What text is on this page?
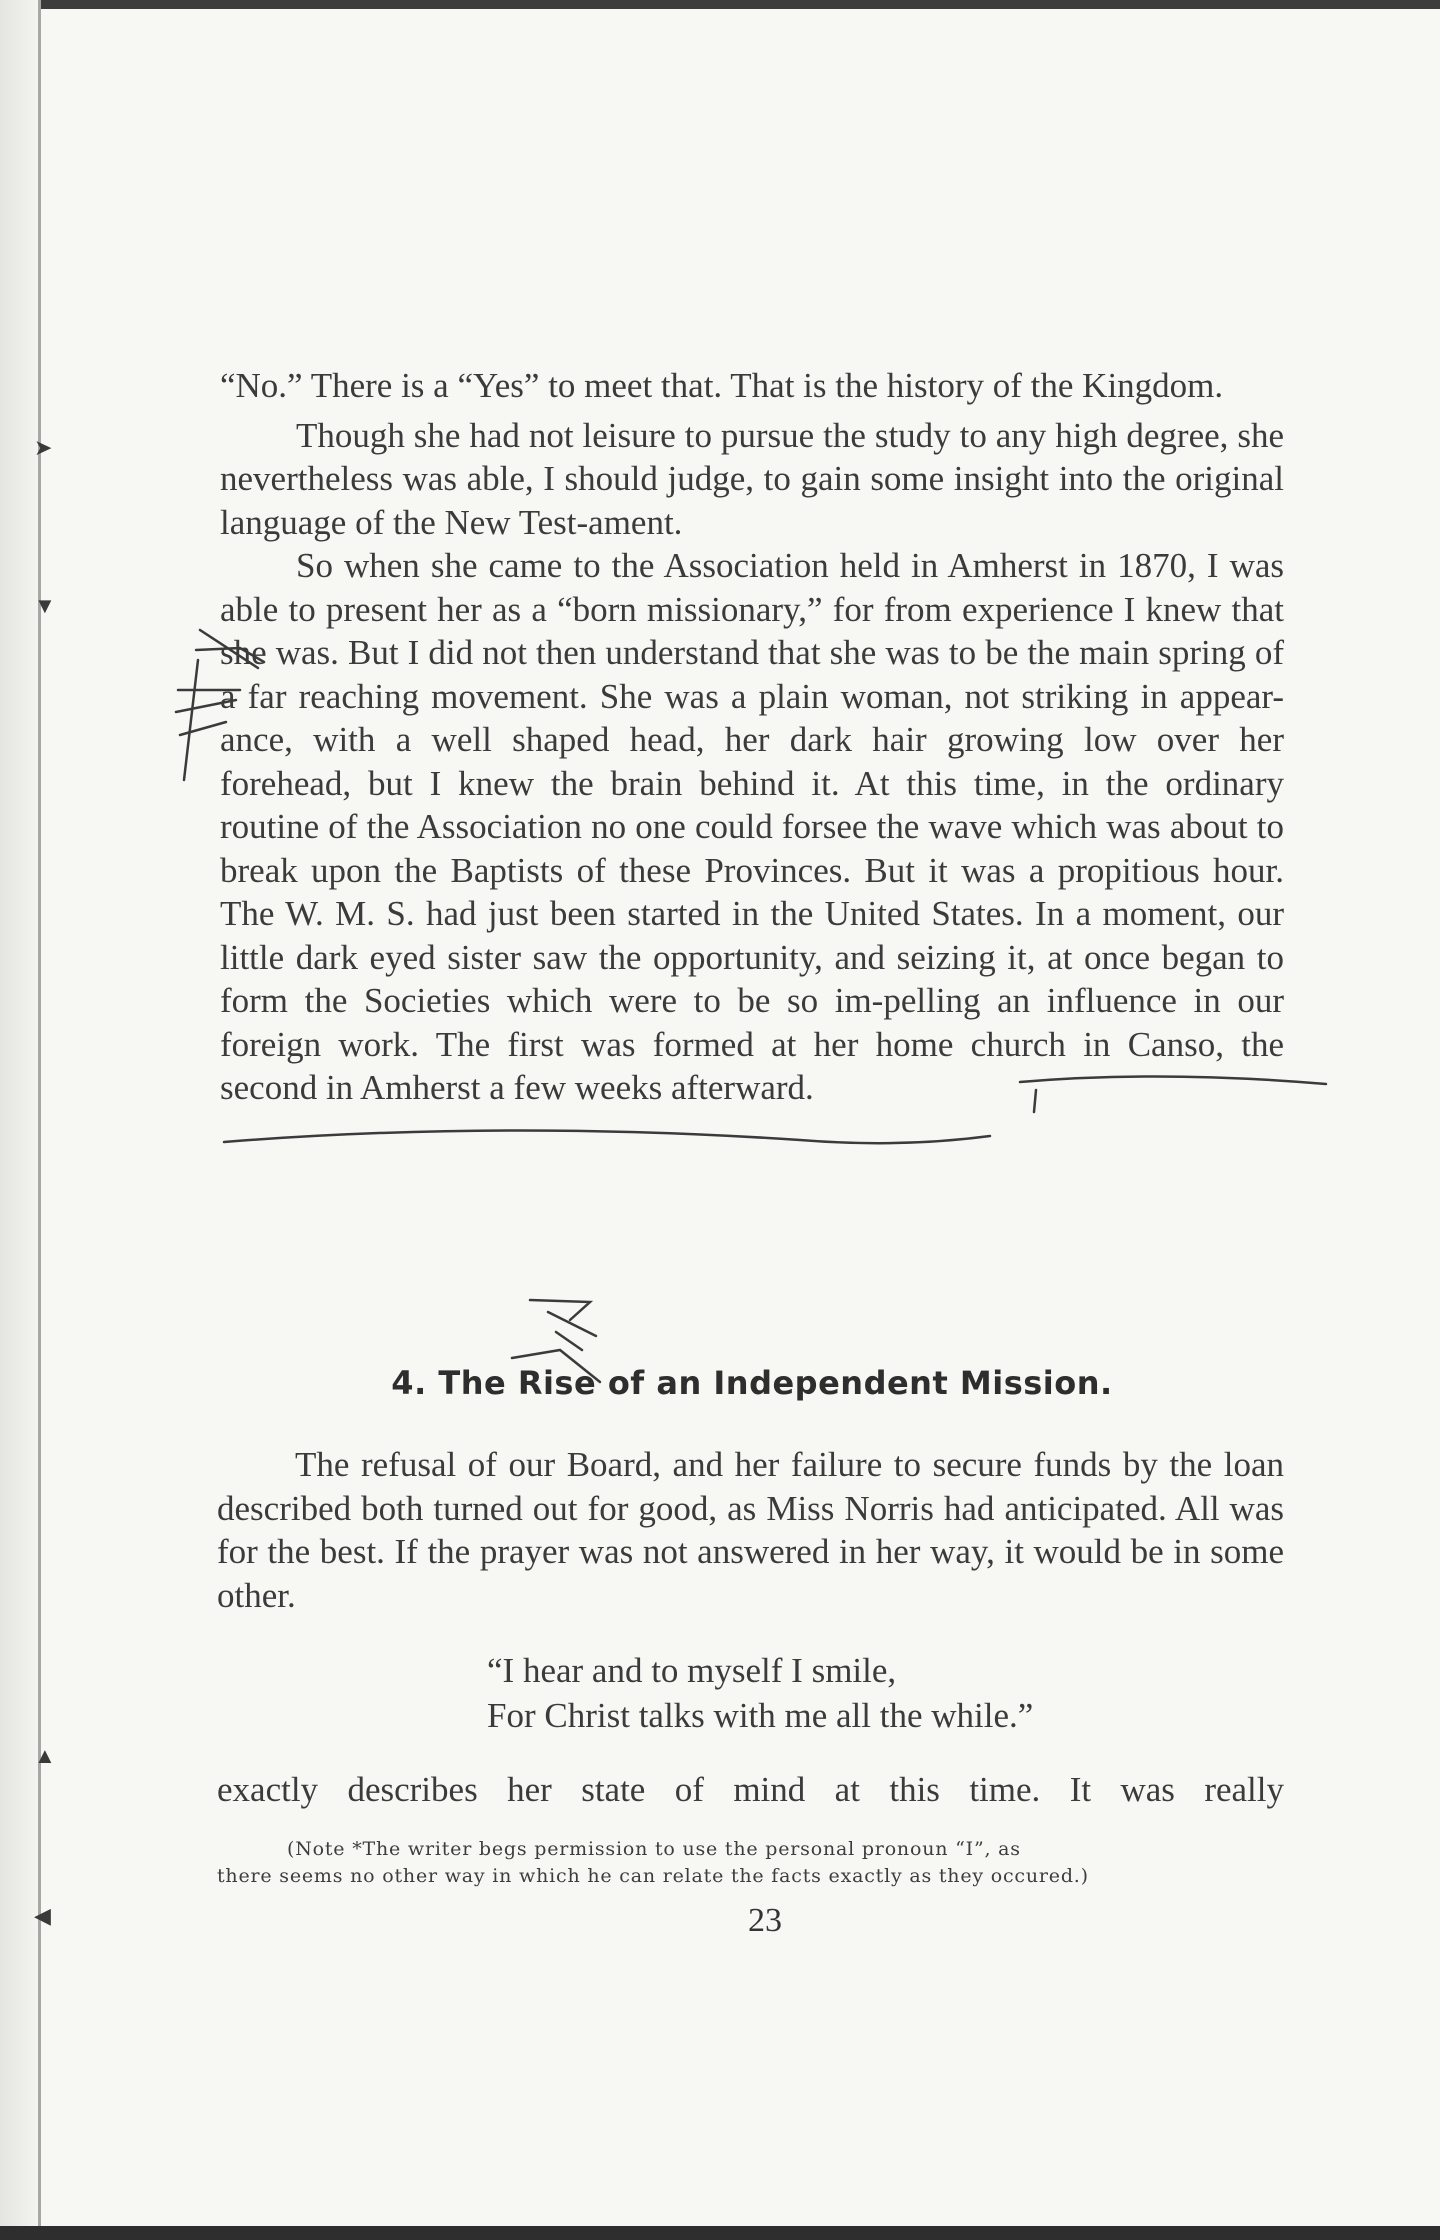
➤
▼
▲
◀

“No.” There is a “Yes” to meet that. That is the history of the Kingdom.

Though she had not leisure to pursue the study to any high degree, she nevertheless was able, I should judge, to gain some insight into the original language of the New Test-ament.

So when she came to the Association held in Amherst in 1870, I was able to present her as a “born missionary,” for from experience I knew that she was. But I did not then understand that she was to be the main spring of a far reaching movement. She was a plain woman, not striking in appear-ance, with a well shaped head, her dark hair growing low over her forehead, but I knew the brain behind it. At this time, in the ordinary routine of the Association no one could forsee the wave which was about to break upon the Baptists of these Provinces. But it was a propitious hour. The W. M. S. had just been started in the United States. In a moment, our little dark eyed sister saw the opportunity, and seizing it, at once began to form the Societies which were to be so im-pelling an influence in our foreign work. The first was formed at her home church in Canso, the second in Amherst a few weeks afterward.

4. The Rise of an Independent Mission.

The refusal of our Board, and her failure to secure funds by the loan described both turned out for good, as Miss Norris had anticipated. All was for the best. If the prayer was not answered in her way, it would be in some other.

“I hear and to myself I smile,
For Christ talks with me all the while.”
exactly describes her state of mind at this time. It was really
(Note *The writer begs permission to use the personal pronoun “I”, as
there seems no other way in which he can relate the facts exactly as they occured.)
23
